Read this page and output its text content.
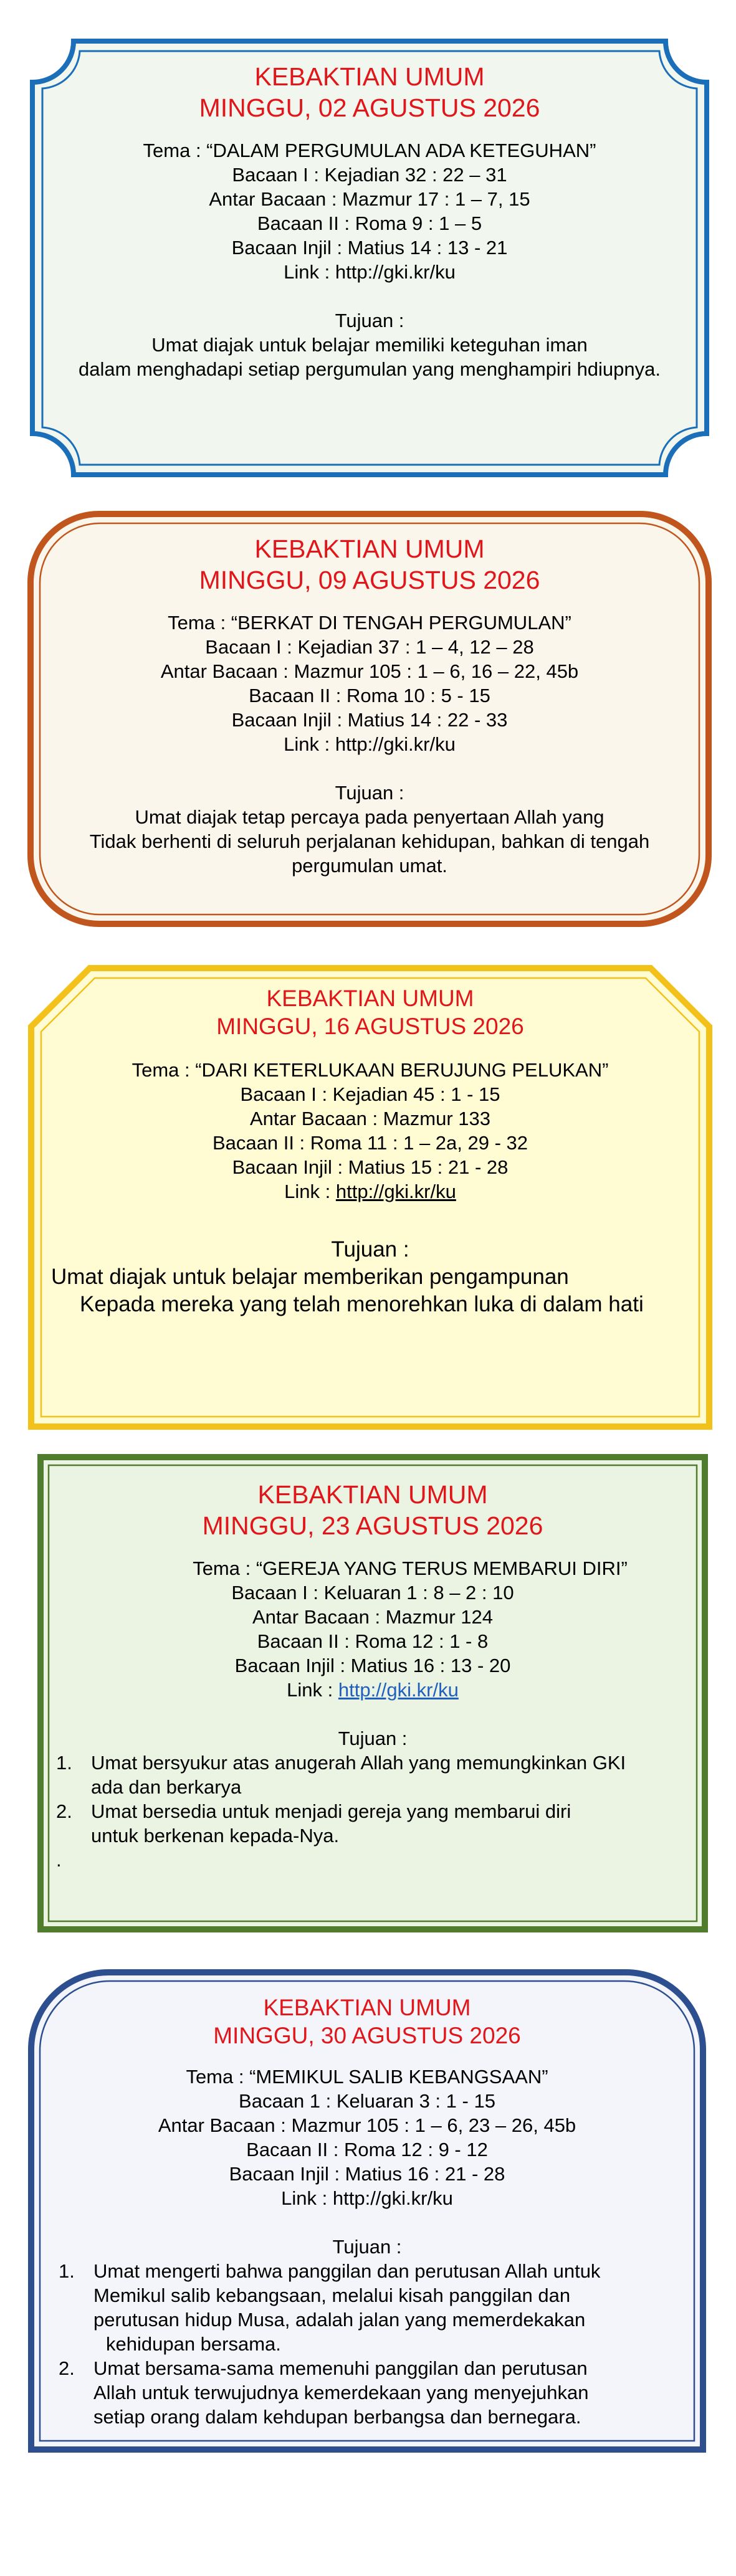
KEBAKTIAN UMUM

MINGGU, 02 AGUSTUS 2026

Tema : “DALAM PERGUMULAN ADA KETEGUHAN”

Bacaan I : Kejadian 32 : 22 – 31

Antar Bacaan : Mazmur 17 : 1 – 7, 15

Bacaan II : Roma 9 : 1 – 5

Bacaan Injil : Matius 14 : 13 - 21

Link : http://gki.kr/ku

Tujuan :

Umat diajak untuk belajar memiliki keteguhan iman

dalam menghadapi setiap pergumulan yang menghampiri hdiupnya.

KEBAKTIAN UMUM

MINGGU, 09 AGUSTUS 2026

Tema : “BERKAT DI TENGAH PERGUMULAN”

Bacaan I : Kejadian 37 : 1 – 4, 12 – 28

Antar Bacaan : Mazmur 105 : 1 – 6, 16 – 22, 45b

Bacaan II : Roma 10 : 5 - 15

Bacaan Injil : Matius 14 : 22 - 33

Link : http://gki.kr/ku

Tujuan :

Umat diajak tetap percaya pada penyertaan Allah yang

Tidak berhenti di seluruh perjalanan kehidupan, bahkan di tengah

pergumulan umat.

KEBAKTIAN UMUM

MINGGU, 16 AGUSTUS 2026

Tema : “DARI KETERLUKAAN BERUJUNG PELUKAN”

Bacaan I : Kejadian 45 : 1 - 15

Antar Bacaan : Mazmur 133

Bacaan II : Roma 11 : 1 – 2a, 29 - 32

Bacaan Injil : Matius 15 : 21 - 28

Link : http://gki.kr/ku

Tujuan :

Umat diajak untuk belajar memberikan pengampunan

Kepada mereka yang telah menorehkan luka di dalam hati

KEBAKTIAN UMUM

MINGGU, 23 AGUSTUS 2026

Tema : “GEREJA YANG TERUS MEMBARUI DIRI”

Bacaan I : Keluaran 1 : 8 – 2 : 10

Antar Bacaan : Mazmur 124

Bacaan II : Roma 12 : 1 - 8

Bacaan Injil : Matius 16 : 13 - 20

Link : http://gki.kr/ku

Tujuan :

1. Umat bersyukur atas anugerah Allah yang memungkinkan GKI
ada dan berkarya
2. Umat bersedia untuk menjadi gereja yang membarui diri
untuk berkenan kepada-Nya.
.

KEBAKTIAN UMUM

MINGGU, 30 AGUSTUS 2026

Tema : “MEMIKUL SALIB KEBANGSAAN”

Bacaan 1 : Keluaran 3 : 1 - 15

Antar Bacaan : Mazmur 105 : 1 – 6, 23 – 26, 45b

Bacaan II : Roma 12 : 9 - 12

Bacaan Injil : Matius 16 : 21 - 28

Link : http://gki.kr/ku

Tujuan :

1. Umat mengerti bahwa panggilan dan perutusan Allah untuk
Memikul salib kebangsaan, melalui kisah panggilan dan
perutusan hidup Musa, adalah jalan yang memerdekakan
kehidupan bersama.
2. Umat bersama-sama memenuhi panggilan dan perutusan
Allah untuk terwujudnya kemerdekaan yang menyejuhkan
setiap orang dalam kehdupan berbangsa dan bernegara.
